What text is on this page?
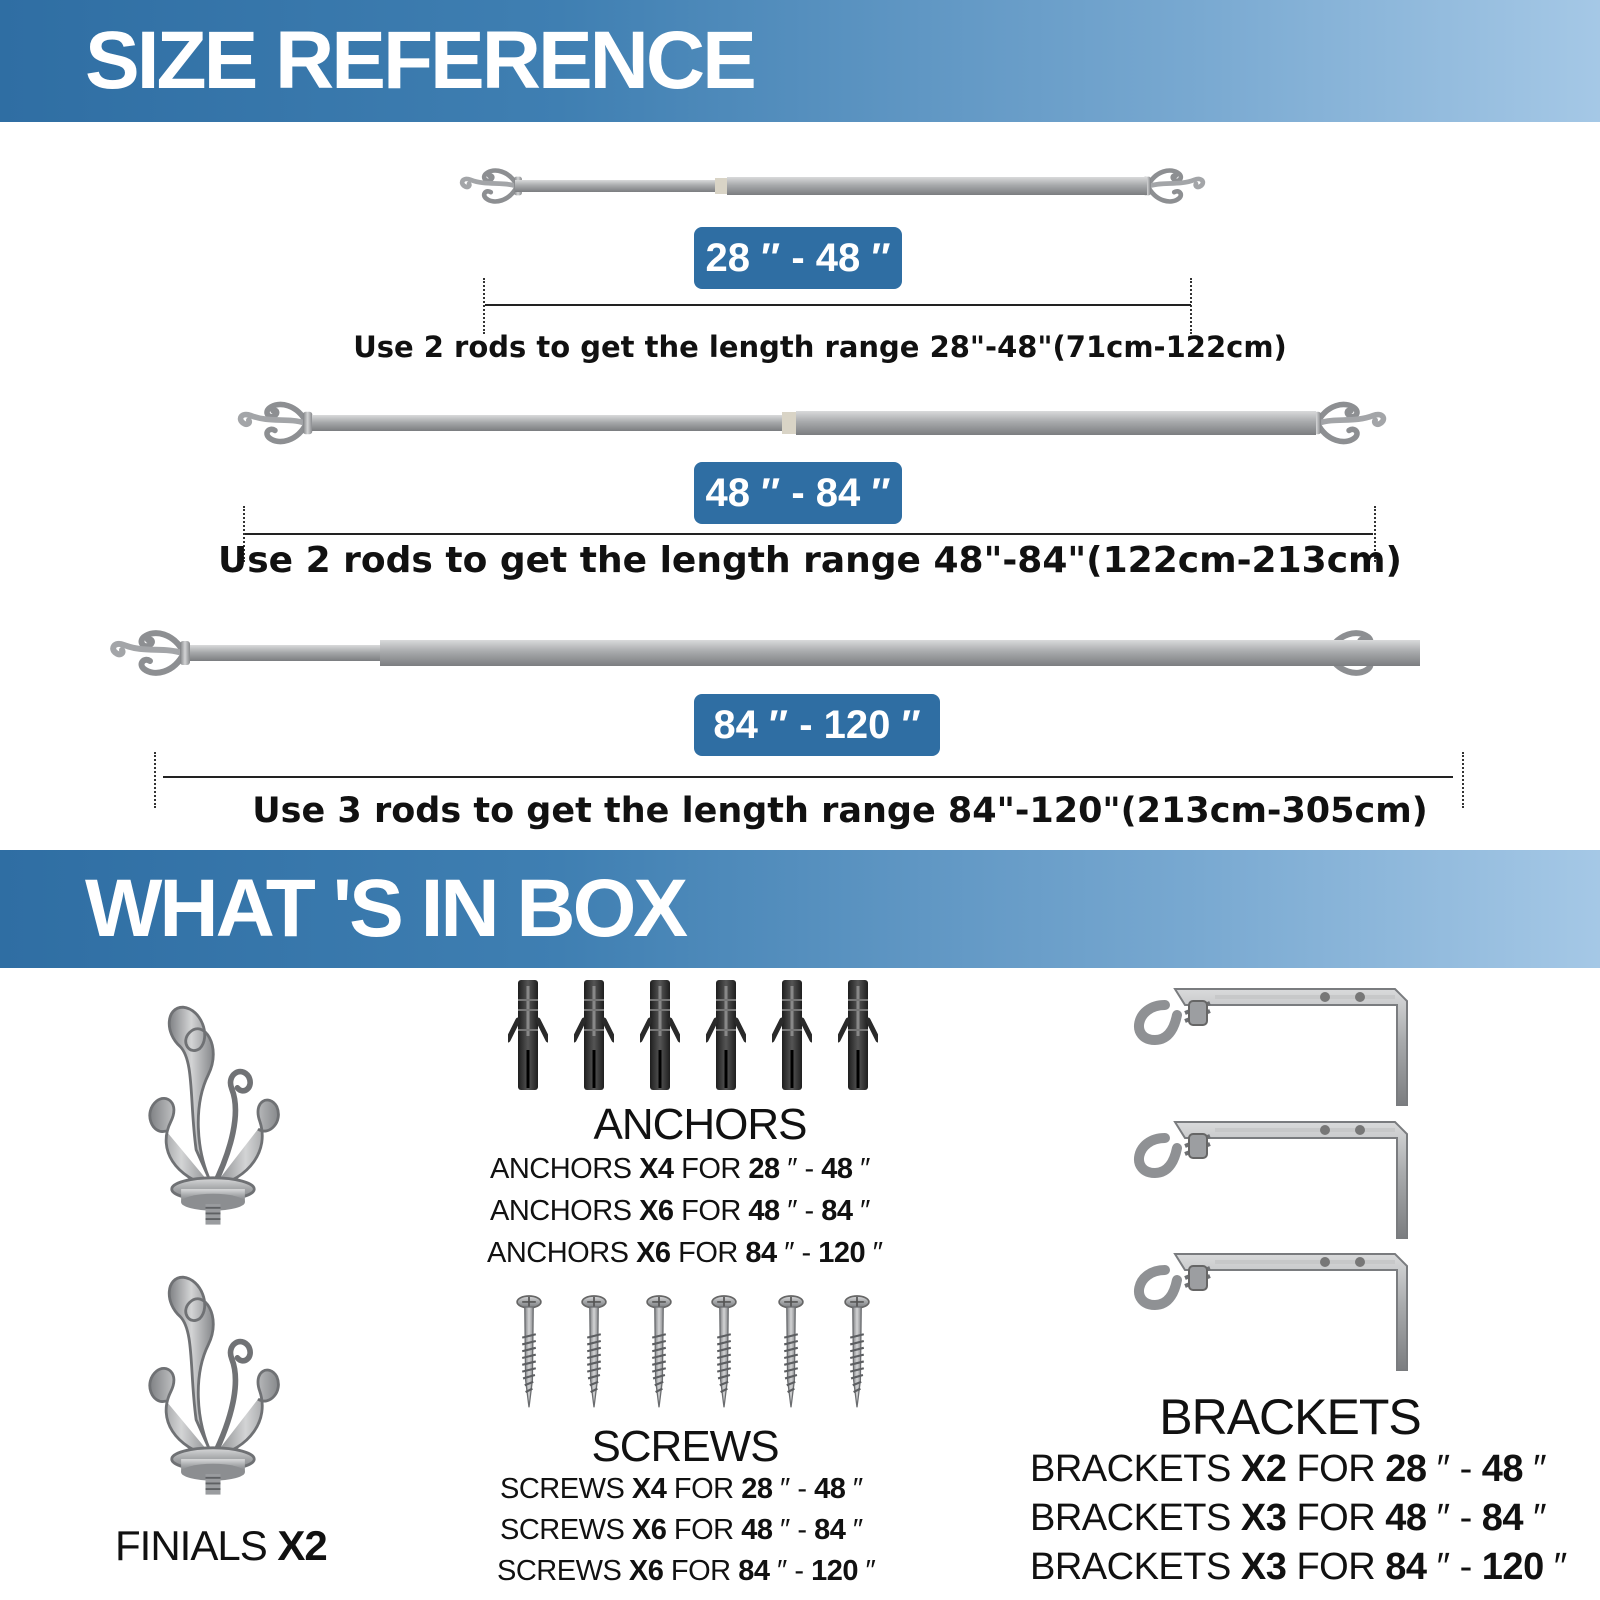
SIZE REFERENCE
28 ″ - 48 ″
Use 2 rods to get the length range 28"-48"(71cm-122cm)
48 ″ - 84 ″
Use 2 rods to get the length range 48"-84"(122cm-213cm)
84 ″ - 120 ″
Use 3 rods to get the length range 84"-120"(213cm-305cm)
WHAT 'S IN BOX
FINIALS X2
ANCHORS
ANCHORS X4 FOR 28 ″ - 48 ″
ANCHORS X6 FOR 48 ″ - 84 ″
ANCHORS X6 FOR 84 ″ - 120 ″
SCREWS
SCREWS X4 FOR 28 ″ - 48 ″
SCREWS X6 FOR 48 ″ - 84 ″
SCREWS X6 FOR 84 ″ - 120 ″
BRACKETS
BRACKETS X2 FOR 28 ″ - 48 ″
BRACKETS X3 FOR 48 ″ - 84 ″
BRACKETS X3 FOR 84 ″ - 120 ″
